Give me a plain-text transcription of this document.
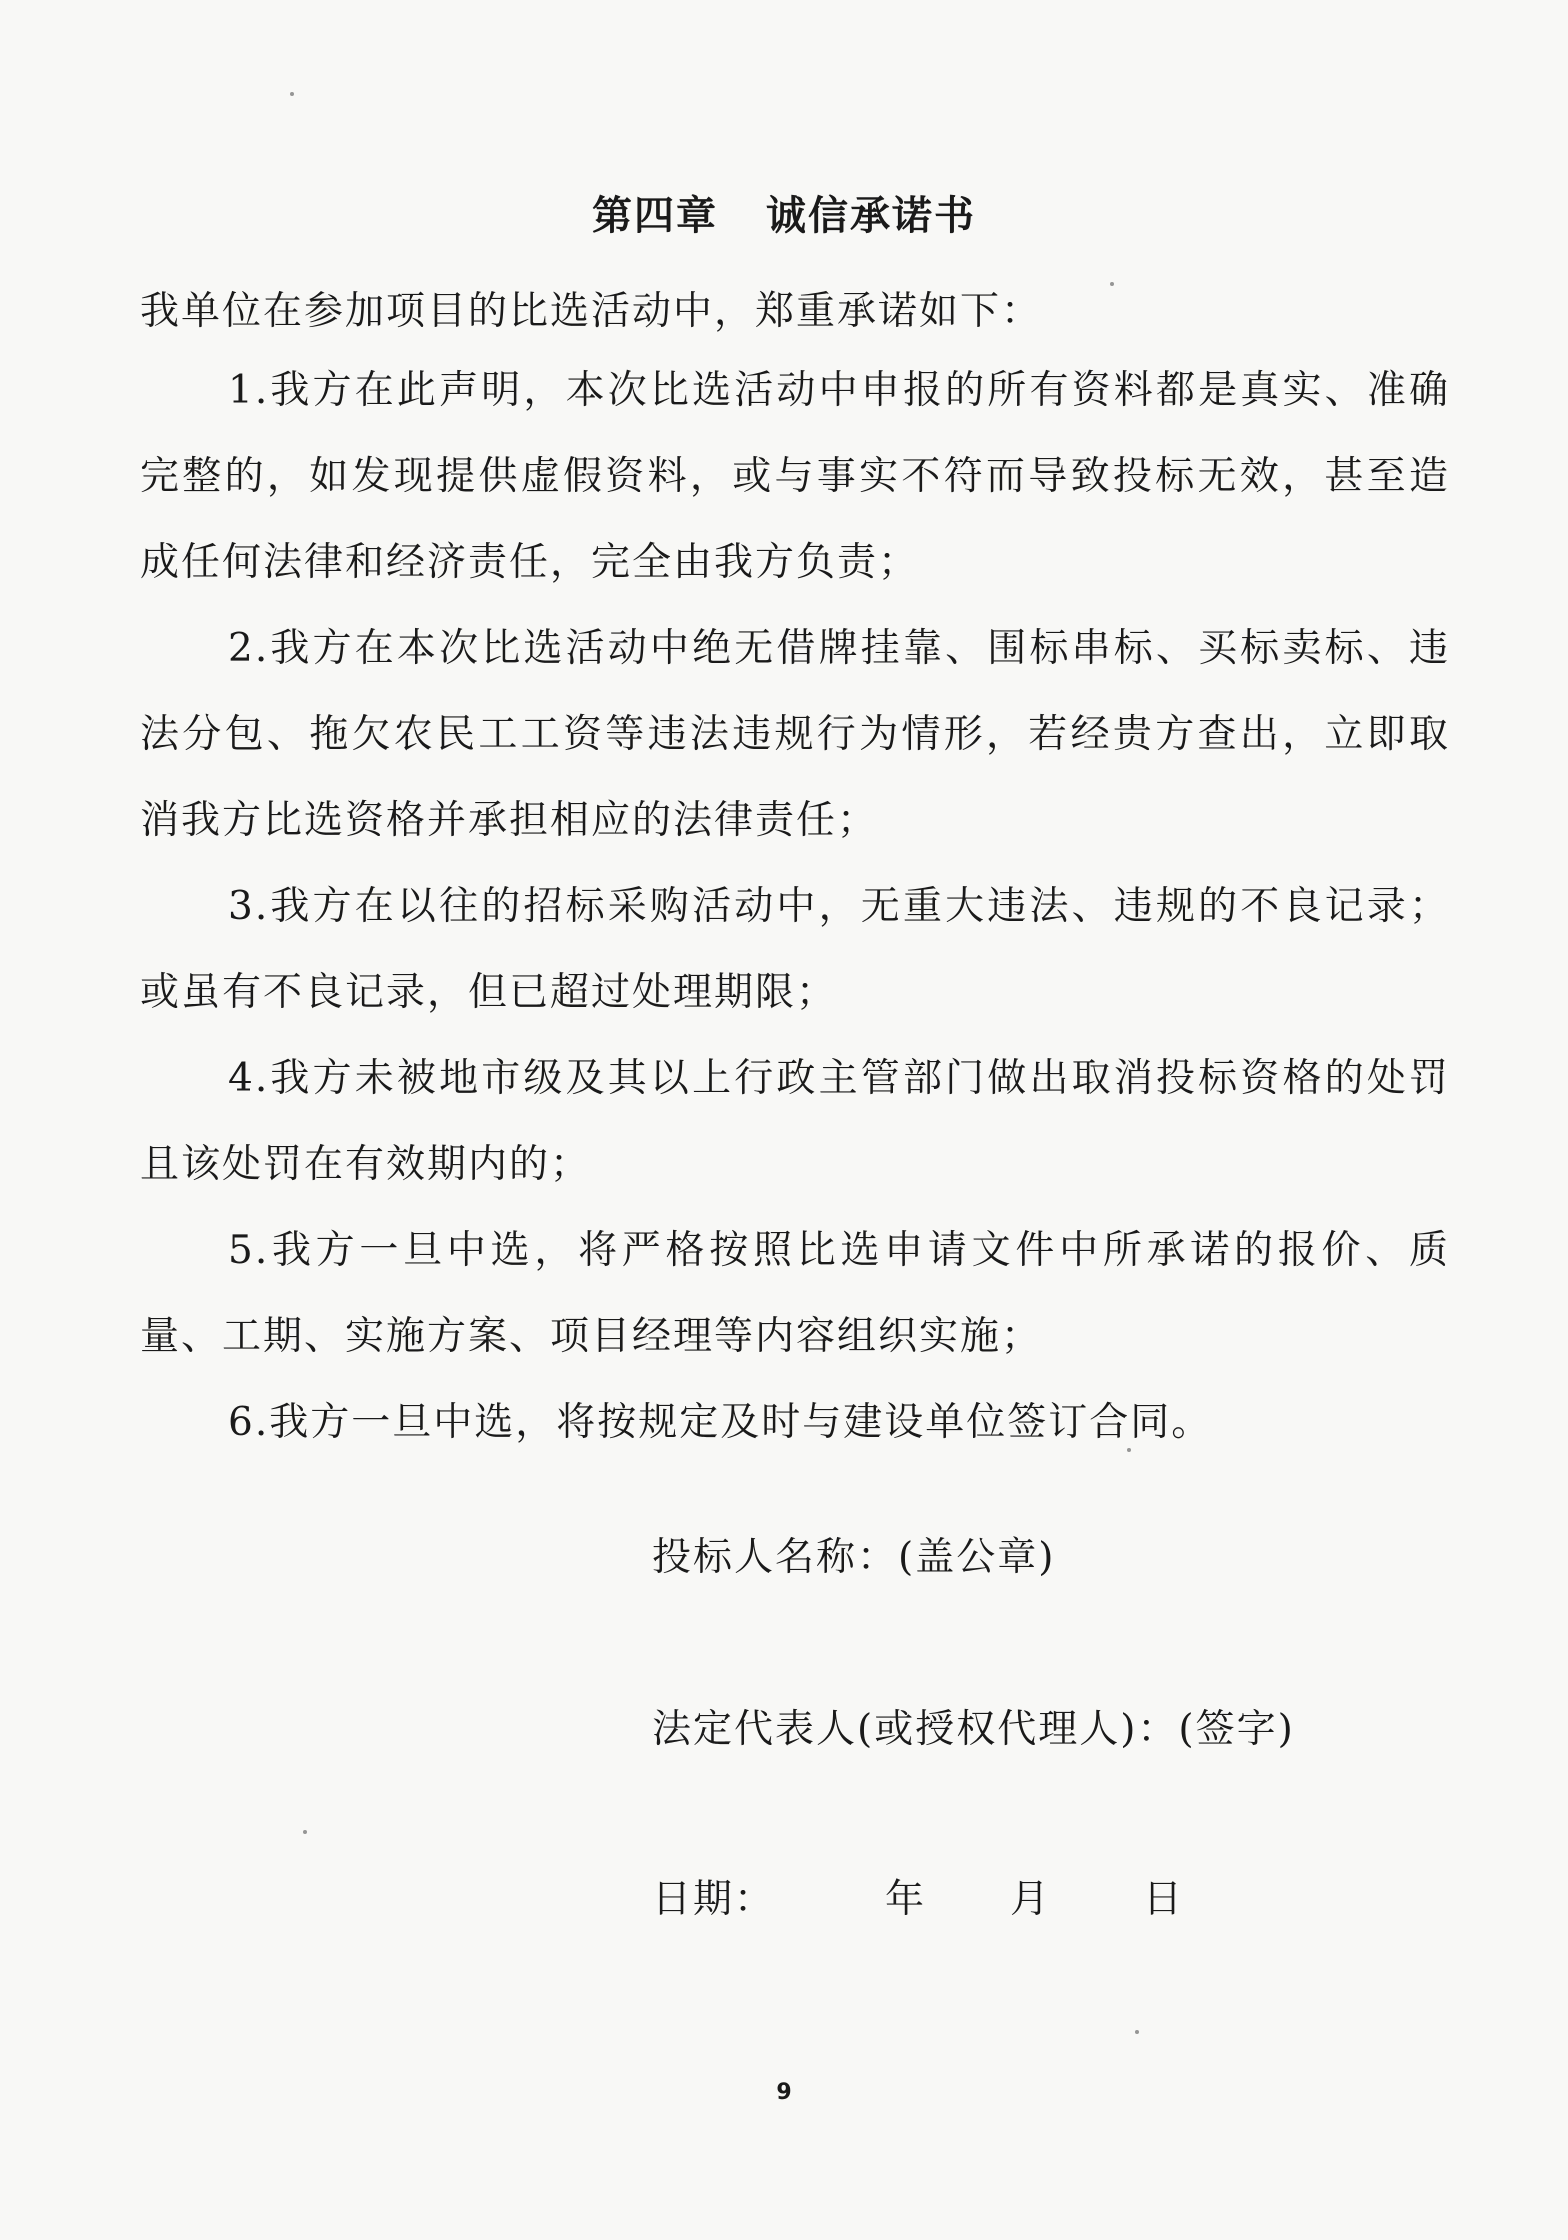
第四章 诚信承诺书
我单位在参加项目的比选活动中，郑重承诺如下：

1.我方在此声明，本次比选活动中申报的所有资料都是真实、准确完整的，如发现提供虚假资料，或与事实不符而导致投标无效，甚至造成任何法律和经济责任，完全由我方负责；

2.我方在本次比选活动中绝无借牌挂靠、围标串标、买标卖标、违法分包、拖欠农民工工资等违法违规行为情形，若经贵方查出，立即取消我方比选资格并承担相应的法律责任；

3.我方在以往的招标采购活动中，无重大违法、违规的不良记录；或虽有不良记录，但已超过处理期限；

4.我方未被地市级及其以上行政主管部门做出取消投标资格的处罚且该处罚在有效期内的；

5.我方一旦中选，将严格按照比选申请文件中所承诺的报价、质量、工期、实施方案、项目经理等内容组织实施；

6.我方一旦中选，将按规定及时与建设单位签订合同。

投标人名称：(盖公章)
法定代表人(或授权代理人)：(签字)
日期：	年 月 日
9
